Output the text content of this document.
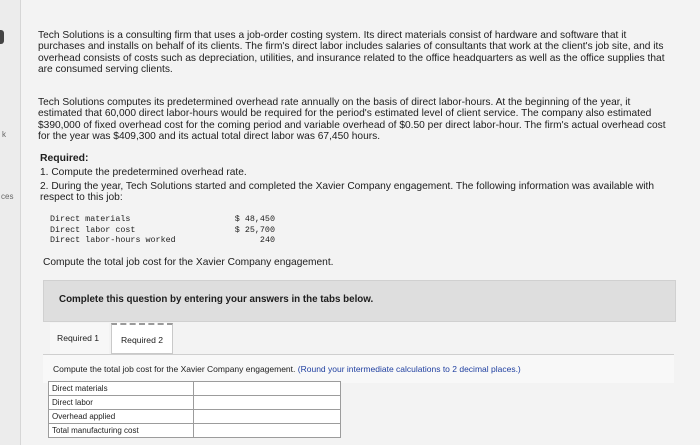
k
ces

Tech Solutions is a consulting firm that uses a job-order costing system. Its direct materials consist of hardware and software that it purchases and installs on behalf of its clients. The firm's direct labor includes salaries of consultants that work at the client's job site, and its overhead consists of costs such as depreciation, utilities, and insurance related to the office headquarters as well as the office supplies that are consumed serving clients.

Tech Solutions computes its predetermined overhead rate annually on the basis of direct labor-hours. At the beginning of the year, it estimated that 60,000 direct labor-hours would be required for the period's estimated level of client service. The company also estimated $390,000 of fixed overhead cost for the coming period and variable overhead of $0.50 per direct labor-hour. The firm's actual overhead cost for the year was $409,300 and its actual total direct labor was 67,450 hours.

Required:
1. Compute the predetermined overhead rate.
2. During the year, Tech Solutions started and completed the Xavier Company engagement. The following information was available with respect to this job:
Direct materials	$ 48,450
Direct labor cost	$ 25,700
Direct labor-hours worked	240
Compute the total job cost for the Xavier Company engagement.
Complete this question by entering your answers in the tabs below.
Required 1	Required 2
Compute the total job cost for the Xavier Company engagement. (Round your intermediate calculations to 2 decimal places.)
Direct materials	
Direct labor	
Overhead applied	
Total manufacturing cost	
